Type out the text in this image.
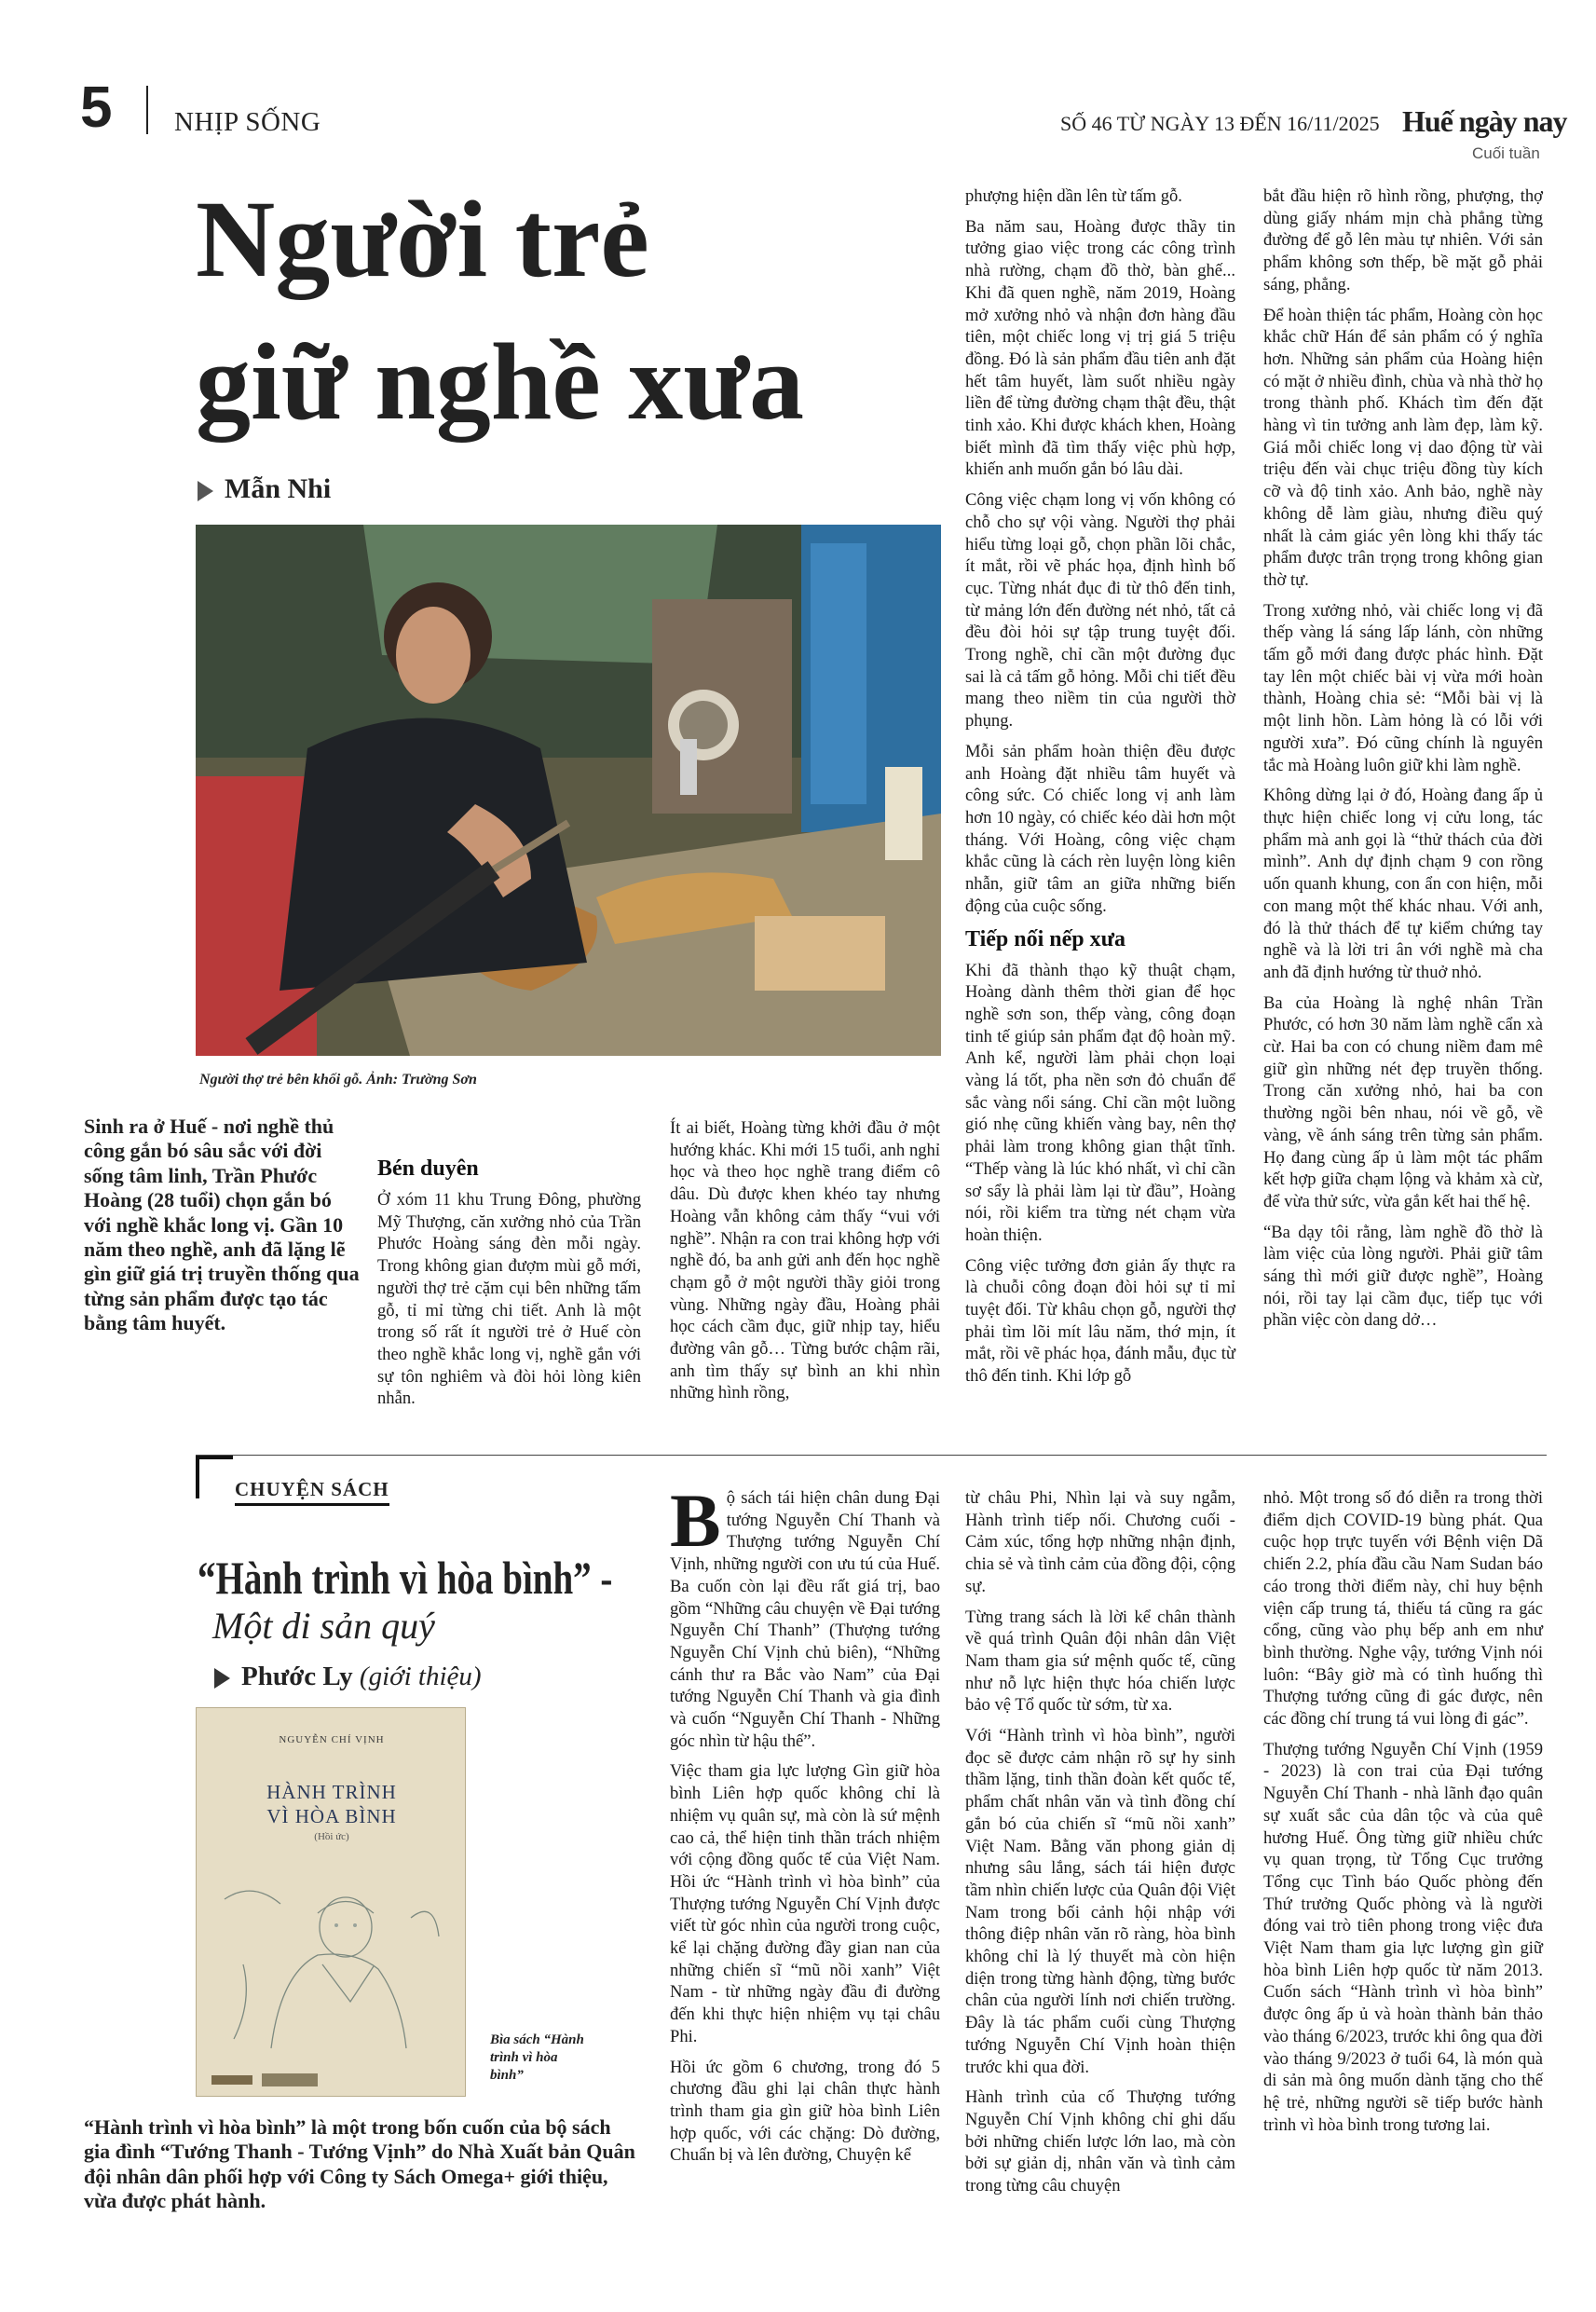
5 NHỊP SỐNG	SỐ 46 TỪ NGÀY 13 ĐẾN 16/11/2025 Huế ngày nay
Cuối tuần
Người trẻ
giữ nghề xưa
Mẫn Nhi
Người thợ trẻ bên khối gỗ. Ảnh: Trường Sơn
Sinh ra ở Huế - nơi nghề thủ công gắn bó sâu sắc với đời sống tâm linh, Trần Phước Hoàng (28 tuổi) chọn gắn bó với nghề khắc long vị. Gần 10 năm theo nghề, anh đã lặng lẽ gìn giữ giá trị truyền thống qua từng sản phẩm được tạo tác bằng tâm huyết.
Bén duyên

Ở xóm 11 khu Trung Đông, phường Mỹ Thượng, căn xưởng nhỏ của Trần Phước Hoàng sáng đèn mỗi ngày. Trong không gian đượm mùi gỗ mới, người thợ trẻ cặm cụi bên những tấm gỗ, tỉ mỉ từng chi tiết. Anh là một trong số rất ít người trẻ ở Huế còn theo nghề khắc long vị, nghề gắn với sự tôn nghiêm và đòi hỏi lòng kiên nhẫn.

Ít ai biết, Hoàng từng khởi đầu ở một hướng khác. Khi mới 15 tuổi, anh nghỉ học và theo học nghề trang điểm cô dâu. Dù được khen khéo tay nhưng Hoàng vẫn không cảm thấy “vui với nghề”. Nhận ra con trai không hợp với nghề đó, ba anh gửi anh đến học nghề chạm gỗ ở một người thầy giỏi trong vùng. Những ngày đầu, Hoàng phải học cách cầm đục, giữ nhịp tay, hiểu đường vân gỗ… Từng bước chậm rãi, anh tìm thấy sự bình an khi nhìn những hình rồng,

phượng hiện dần lên từ tấm gỗ.

Ba năm sau, Hoàng được thầy tin tưởng giao việc trong các công trình nhà rường, chạm đồ thờ, bàn ghế... Khi đã quen nghề, năm 2019, Hoàng mở xưởng nhỏ và nhận đơn hàng đầu tiên, một chiếc long vị trị giá 5 triệu đồng. Đó là sản phẩm đầu tiên anh đặt hết tâm huyết, làm suốt nhiều ngày liền để từng đường chạm thật đều, thật tinh xảo. Khi được khách khen, Hoàng biết mình đã tìm thấy việc phù hợp, khiến anh muốn gắn bó lâu dài.

Công việc chạm long vị vốn không có chỗ cho sự vội vàng. Người thợ phải hiểu từng loại gỗ, chọn phần lõi chắc, ít mắt, rồi vẽ phác họa, định hình bố cục. Từng nhát đục đi từ thô đến tinh, từ mảng lớn đến đường nét nhỏ, tất cả đều đòi hỏi sự tập trung tuyệt đối. Trong nghề, chỉ cần một đường đục sai là cả tấm gỗ hỏng. Mỗi chi tiết đều mang theo niềm tin của người thờ phụng.

Mỗi sản phẩm hoàn thiện đều được anh Hoàng đặt nhiều tâm huyết và công sức. Có chiếc long vị anh làm hơn 10 ngày, có chiếc kéo dài hơn một tháng. Với Hoàng, công việc chạm khắc cũng là cách rèn luyện lòng kiên nhẫn, giữ tâm an giữa những biến động của cuộc sống.

Tiếp nối nếp xưa

Khi đã thành thạo kỹ thuật chạm, Hoàng dành thêm thời gian để học nghề sơn son, thếp vàng, công đoạn tinh tế giúp sản phẩm đạt độ hoàn mỹ. Anh kể, người làm phải chọn loại vàng lá tốt, pha nền sơn đỏ chuẩn để sắc vàng nổi sáng. Chỉ cần một luồng gió nhẹ cũng khiến vàng bay, nên thợ phải làm trong không gian thật tĩnh. “Thếp vàng là lúc khó nhất, vì chỉ cần sơ sẩy là phải làm lại từ đầu”, Hoàng nói, rồi kiểm tra từng nét chạm vừa hoàn thiện.

Công việc tưởng đơn giản ấy thực ra là chuỗi công đoạn đòi hỏi sự tỉ mỉ tuyệt đối. Từ khâu chọn gỗ, người thợ phải tìm lõi mít lâu năm, thớ mịn, ít mắt, rồi vẽ phác họa, đánh mẫu, đục từ thô đến tinh. Khi lớp gỗ

bắt đầu hiện rõ hình rồng, phượng, thợ dùng giấy nhám mịn chà phẳng từng đường để gỗ lên màu tự nhiên. Với sản phẩm không sơn thếp, bề mặt gỗ phải sáng, phẳng.

Để hoàn thiện tác phẩm, Hoàng còn học khắc chữ Hán để sản phẩm có ý nghĩa hơn. Những sản phẩm của Hoàng hiện có mặt ở nhiều đình, chùa và nhà thờ họ trong thành phố. Khách tìm đến đặt hàng vì tin tưởng anh làm đẹp, làm kỹ. Giá mỗi chiếc long vị dao động từ vài triệu đến vài chục triệu đồng tùy kích cỡ và độ tinh xảo. Anh bảo, nghề này không dễ làm giàu, nhưng điều quý nhất là cảm giác yên lòng khi thấy tác phẩm được trân trọng trong không gian thờ tự.

Trong xưởng nhỏ, vài chiếc long vị đã thếp vàng lá sáng lấp lánh, còn những tấm gỗ mới đang được phác hình. Đặt tay lên một chiếc bài vị vừa mới hoàn thành, Hoàng chia sẻ: “Mỗi bài vị là một linh hồn. Làm hỏng là có lỗi với người xưa”. Đó cũng chính là nguyên tắc mà Hoàng luôn giữ khi làm nghề.

Không dừng lại ở đó, Hoàng đang ấp ủ thực hiện chiếc long vị cửu long, tác phẩm mà anh gọi là “thử thách của đời mình”. Anh dự định chạm 9 con rồng uốn quanh khung, con ẩn con hiện, mỗi con mang một thế khác nhau. Với anh, đó là thử thách để tự kiểm chứng tay nghề và là lời tri ân với nghề mà cha anh đã định hướng từ thuở nhỏ.

Ba của Hoàng là nghệ nhân Trần Phước, có hơn 30 năm làm nghề cẩn xà cừ. Hai ba con có chung niềm đam mê giữ gìn những nét đẹp truyền thống. Trong căn xưởng nhỏ, hai ba con thường ngồi bên nhau, nói về gỗ, về vàng, về ánh sáng trên từng sản phẩm. Họ đang cùng ấp ủ làm một tác phẩm kết hợp giữa chạm lộng và khảm xà cừ, để vừa thử sức, vừa gắn kết hai thế hệ.

“Ba dạy tôi rằng, làm nghề đồ thờ là làm việc của lòng người. Phải giữ tâm sáng thì mới giữ được nghề”, Hoàng nói, rồi tay lại cầm đục, tiếp tục với phần việc còn dang dở…

CHUYỆN SÁCH
“Hành trình vì hòa bình” -
Một di sản quý
Phước Ly (giới thiệu)
NGUYỄN CHÍ VỊNH
HÀNH TRÌNH
VÌ HÒA BÌNH
(Hồi ức)
Bìa sách “Hành trình vì hòa bình”
“Hành trình vì hòa bình” là một trong bốn cuốn của bộ sách gia đình “Tướng Thanh - Tướng Vịnh” do Nhà Xuất bản Quân đội nhân dân phối hợp với Công ty Sách Omega+ giới thiệu, vừa được phát hành.
B ộ sách tái hiện chân dung Đại tướng Nguyễn Chí Thanh và Thượng tướng Nguyễn Chí Vịnh, những người con ưu tú của Huế. Ba cuốn còn lại đều rất giá trị, bao gồm “Những câu chuyện về Đại tướng Nguyễn Chí Thanh” (Thượng tướng Nguyễn Chí Vịnh chủ biên), “Những cánh thư ra Bắc vào Nam” của Đại tướng Nguyễn Chí Thanh và gia đình và cuốn “Nguyễn Chí Thanh - Những góc nhìn từ hậu thế”.

Việc tham gia lực lượng Gìn giữ hòa bình Liên hợp quốc không chỉ là nhiệm vụ quân sự, mà còn là sứ mệnh cao cả, thể hiện tinh thần trách nhiệm với cộng đồng quốc tế của Việt Nam. Hồi ức “Hành trình vì hòa bình” của Thượng tướng Nguyễn Chí Vịnh được viết từ góc nhìn của người trong cuộc, kể lại chặng đường đầy gian nan của những chiến sĩ “mũ nồi xanh” Việt Nam - từ những ngày đầu đi đường đến khi thực hiện nhiệm vụ tại châu Phi.

Hồi ức gồm 6 chương, trong đó 5 chương đầu ghi lại chân thực hành trình tham gia gìn giữ hòa bình Liên hợp quốc, với các chặng: Dò đường, Chuẩn bị và lên đường, Chuyện kể

từ châu Phi, Nhìn lại và suy ngẫm, Hành trình tiếp nối. Chương cuối - Cảm xúc, tổng hợp những nhận định, chia sẻ và tình cảm của đồng đội, cộng sự.

Từng trang sách là lời kể chân thành về quá trình Quân đội nhân dân Việt Nam tham gia sứ mệnh quốc tế, cũng như nỗ lực hiện thực hóa chiến lược bảo vệ Tổ quốc từ sớm, từ xa.

Với “Hành trình vì hòa bình”, người đọc sẽ được cảm nhận rõ sự hy sinh thầm lặng, tinh thần đoàn kết quốc tế, phẩm chất nhân văn và tình đồng chí gắn bó của chiến sĩ “mũ nồi xanh” Việt Nam. Bằng văn phong giản dị nhưng sâu lắng, sách tái hiện được tầm nhìn chiến lược của Quân đội Việt Nam trong bối cảnh hội nhập với thông điệp nhân văn rõ ràng, hòa bình không chỉ là lý thuyết mà còn hiện diện trong từng hành động, từng bước chân của người lính nơi chiến trường. Đây là tác phẩm cuối cùng Thượng tướng Nguyễn Chí Vịnh hoàn thiện trước khi qua đời.

Hành trình của cố Thượng tướng Nguyễn Chí Vịnh không chỉ ghi dấu bởi những chiến lược lớn lao, mà còn bởi sự giản dị, nhân văn và tình cảm trong từng câu chuyện

nhỏ. Một trong số đó diễn ra trong thời điểm dịch COVID-19 bùng phát. Qua cuộc họp trực tuyến với Bệnh viện Dã chiến 2.2, phía đầu cầu Nam Sudan báo cáo trong thời điểm này, chỉ huy bệnh viện cấp trung tá, thiếu tá cũng ra gác cổng, cũng vào phụ bếp anh em như bình thường. Nghe vậy, tướng Vịnh nói luôn: “Bây giờ mà có tình huống thì Thượng tướng cũng đi gác được, nên các đồng chí trung tá vui lòng đi gác”.

Thượng tướng Nguyễn Chí Vịnh (1959 - 2023) là con trai của Đại tướng Nguyễn Chí Thanh - nhà lãnh đạo quân sự xuất sắc của dân tộc và của quê hương Huế. Ông từng giữ nhiều chức vụ quan trọng, từ Tổng Cục trưởng Tổng cục Tình báo Quốc phòng đến Thứ trưởng Quốc phòng và là người đóng vai trò tiên phong trong việc đưa Việt Nam tham gia lực lượng gìn giữ hòa bình Liên hợp quốc từ năm 2013. Cuốn sách “Hành trình vì hòa bình” được ông ấp ủ và hoàn thành bản thảo vào tháng 6/2023, trước khi ông qua đời vào tháng 9/2023 ở tuổi 64, là món quà di sản mà ông muốn dành tặng cho thế hệ trẻ, những người sẽ tiếp bước hành trình vì hòa bình trong tương lai.
